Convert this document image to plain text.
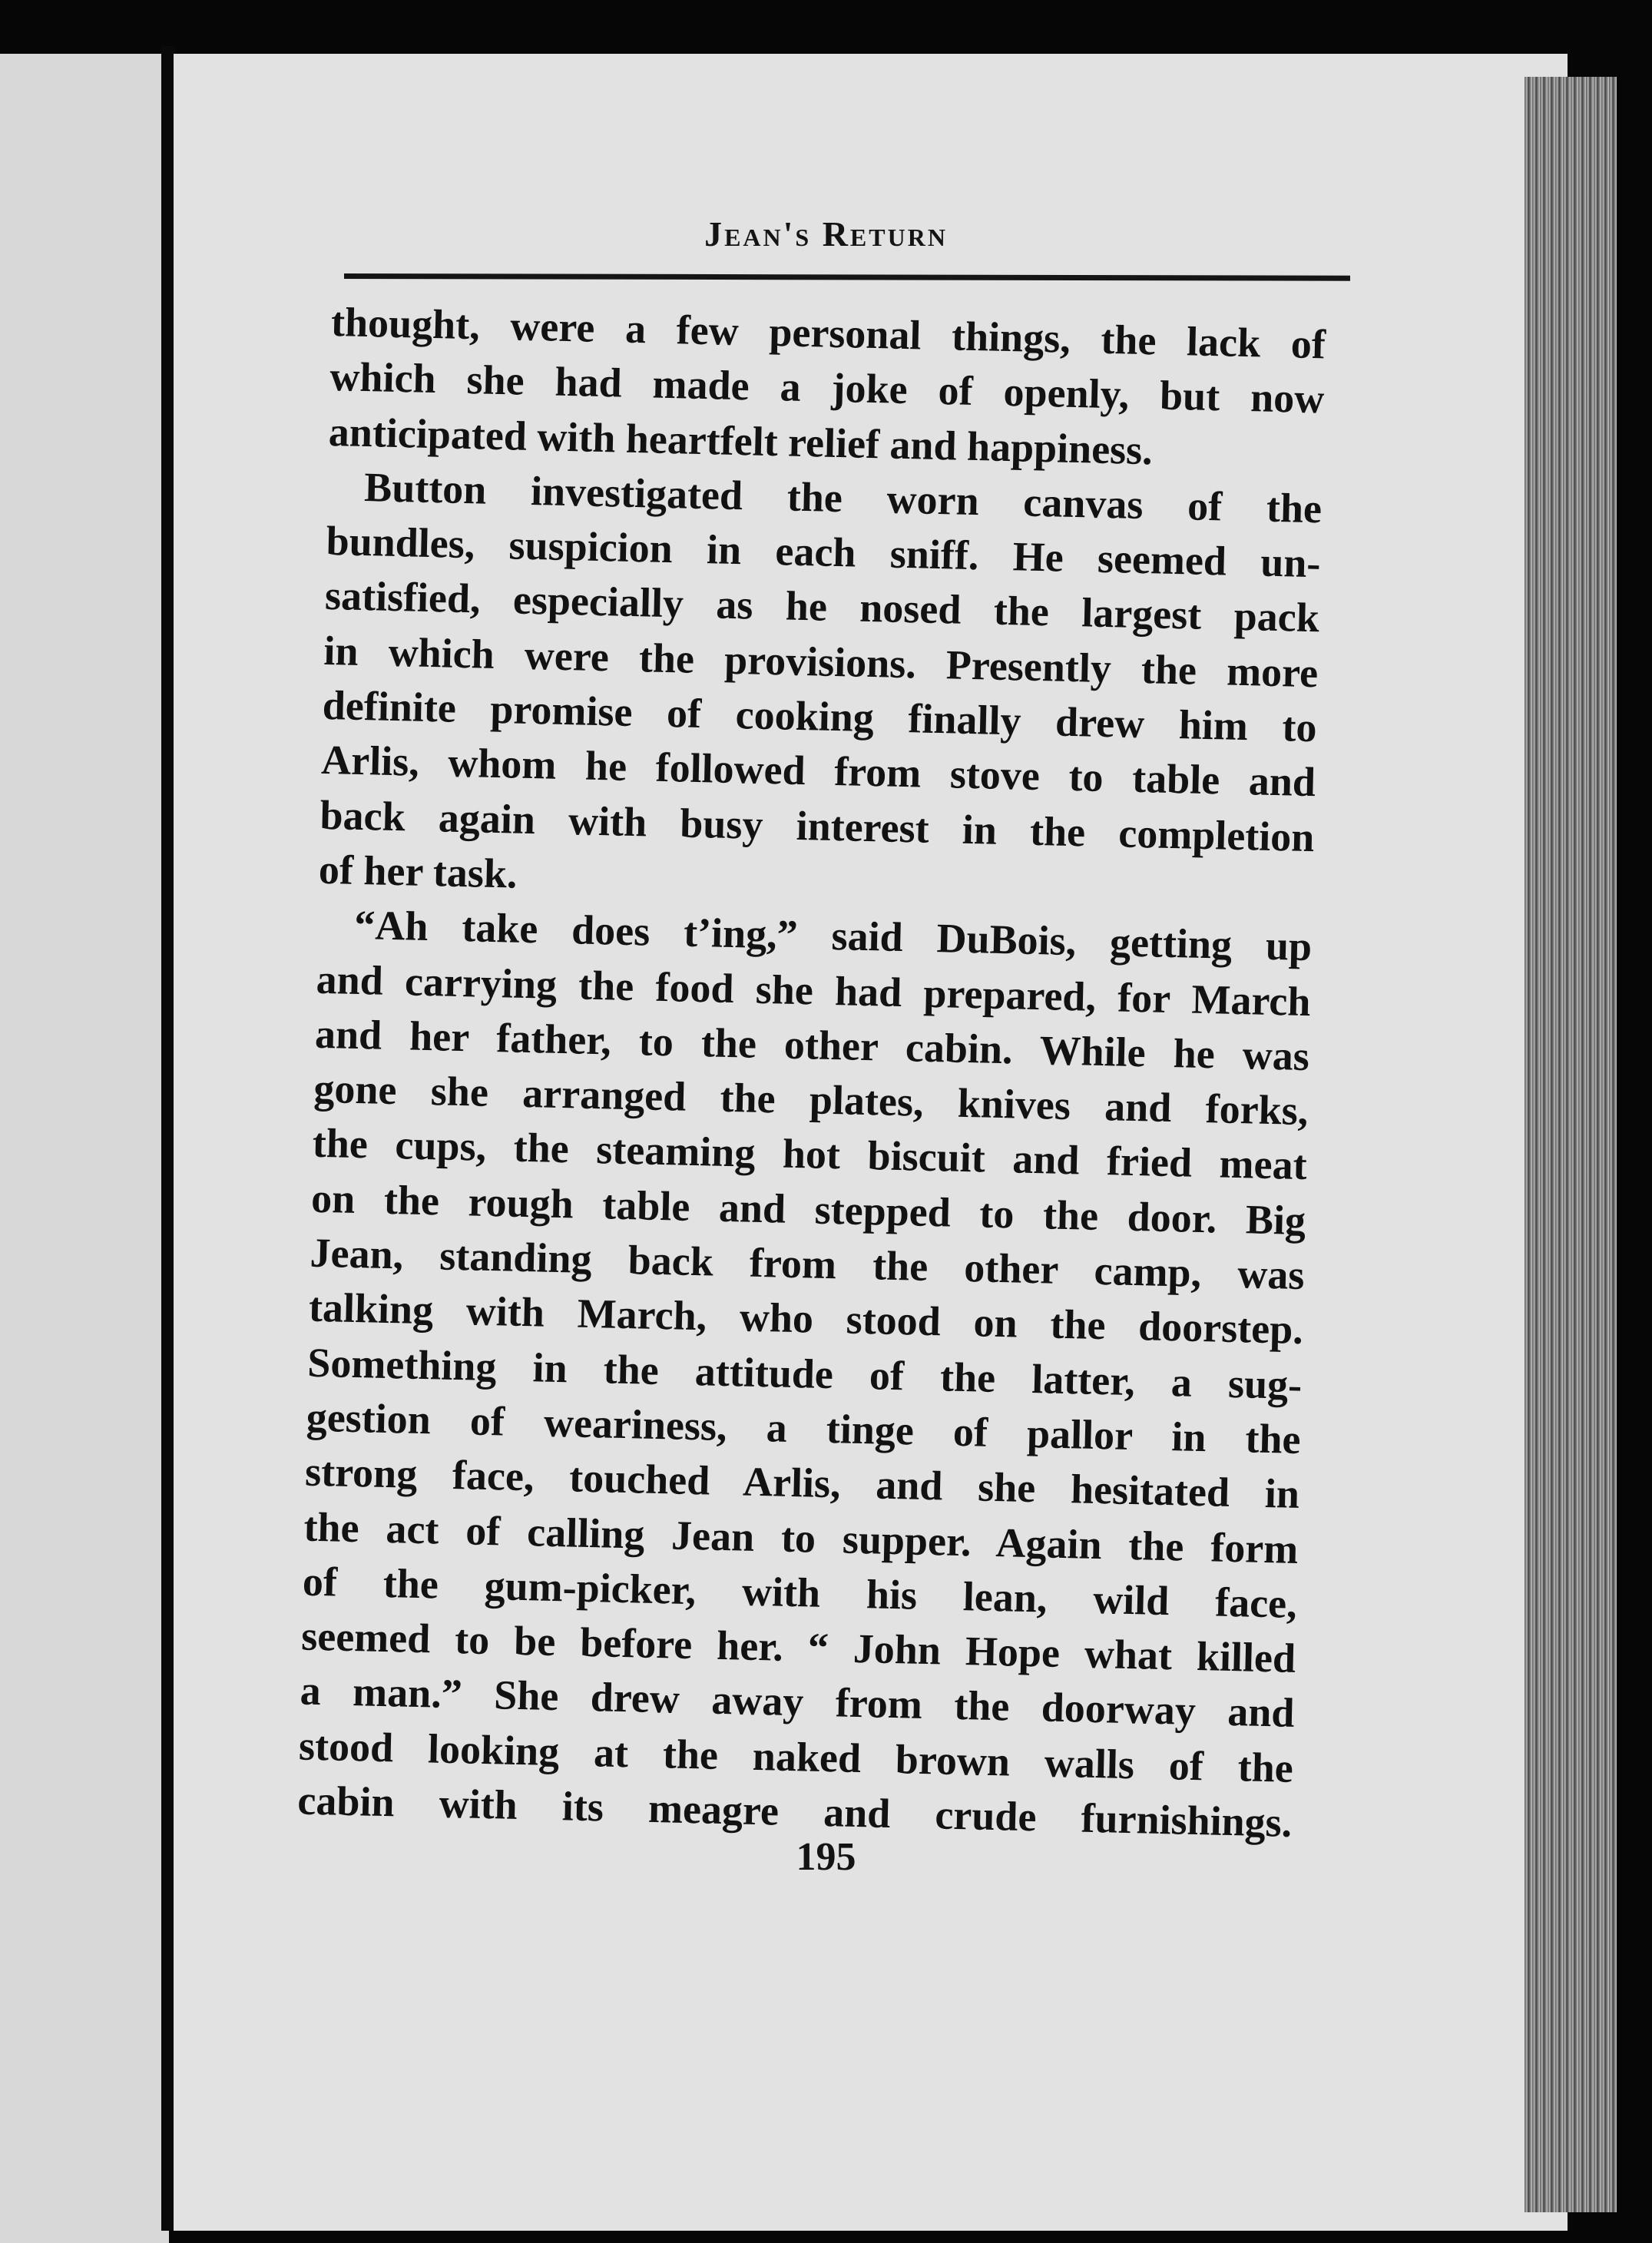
Jean's Return
thought, were a few personal things, the lack of
which she had made a joke of openly, but now
anticipated with heartfelt relief and happiness.
Button investigated the worn canvas of the
bundles, suspicion in each sniff. He seemed un-
satisfied, especially as he nosed the largest pack
in which were the provisions. Presently the more
definite promise of cooking finally drew him to
Arlis, whom he followed from stove to table and
back again with busy interest in the completion
of her task.
“Ah take does t’ing,” said DuBois, getting up
and carrying the food she had prepared, for March
and her father, to the other cabin. While he was
gone she arranged the plates, knives and forks,
the cups, the steaming hot biscuit and fried meat
on the rough table and stepped to the door. Big
Jean, standing back from the other camp, was
talking with March, who stood on the doorstep.
Something in the attitude of the latter, a sug-
gestion of weariness, a tinge of pallor in the
strong face, touched Arlis, and she hesitated in
the act of calling Jean to supper. Again the form
of the gum-picker, with his lean, wild face,
seemed to be before her. “ John Hope what killed
a man.” She drew away from the doorway and
stood looking at the naked brown walls of the
cabin with its meagre and crude furnishings.
195
